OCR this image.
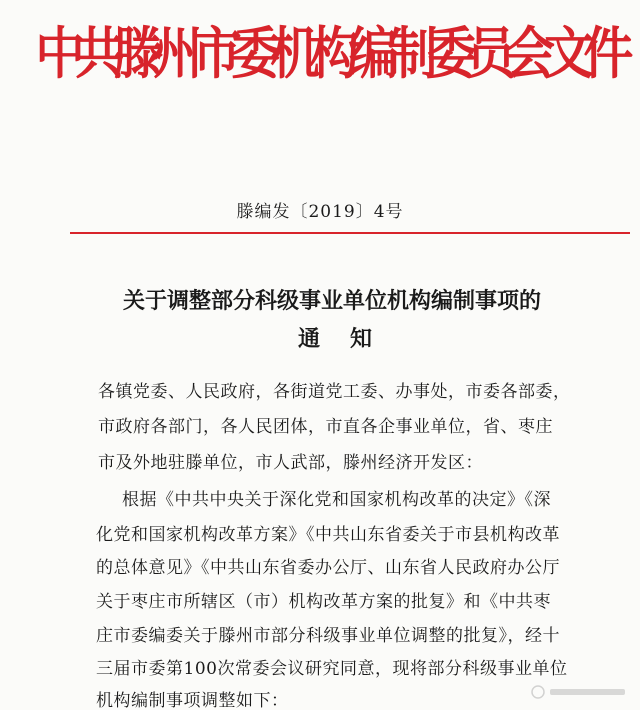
中共滕州市委机构编制委员会文件
滕编发〔2019〕4号
关于调整部分科级事业单位机构编制事项的
通知
各镇党委、人民政府，各街道党工委、办事处，市委各部委，
市政府各部门，各人民团体，市直各企事业单位，省、枣庄
市及外地驻滕单位，市人武部，滕州经济开发区：
根据《中共中央关于深化党和国家机构改革的决定》《深
化党和国家机构改革方案》《中共山东省委关于市县机构改革
的总体意见》《中共山东省委办公厅、山东省人民政府办公厅
关于枣庄市所辖区（市）机构改革方案的批复》和《中共枣
庄市委编委关于滕州市部分科级事业单位调整的批复》，经十
三届市委第100次常委会议研究同意，现将部分科级事业单位
机构编制事项调整如下：
